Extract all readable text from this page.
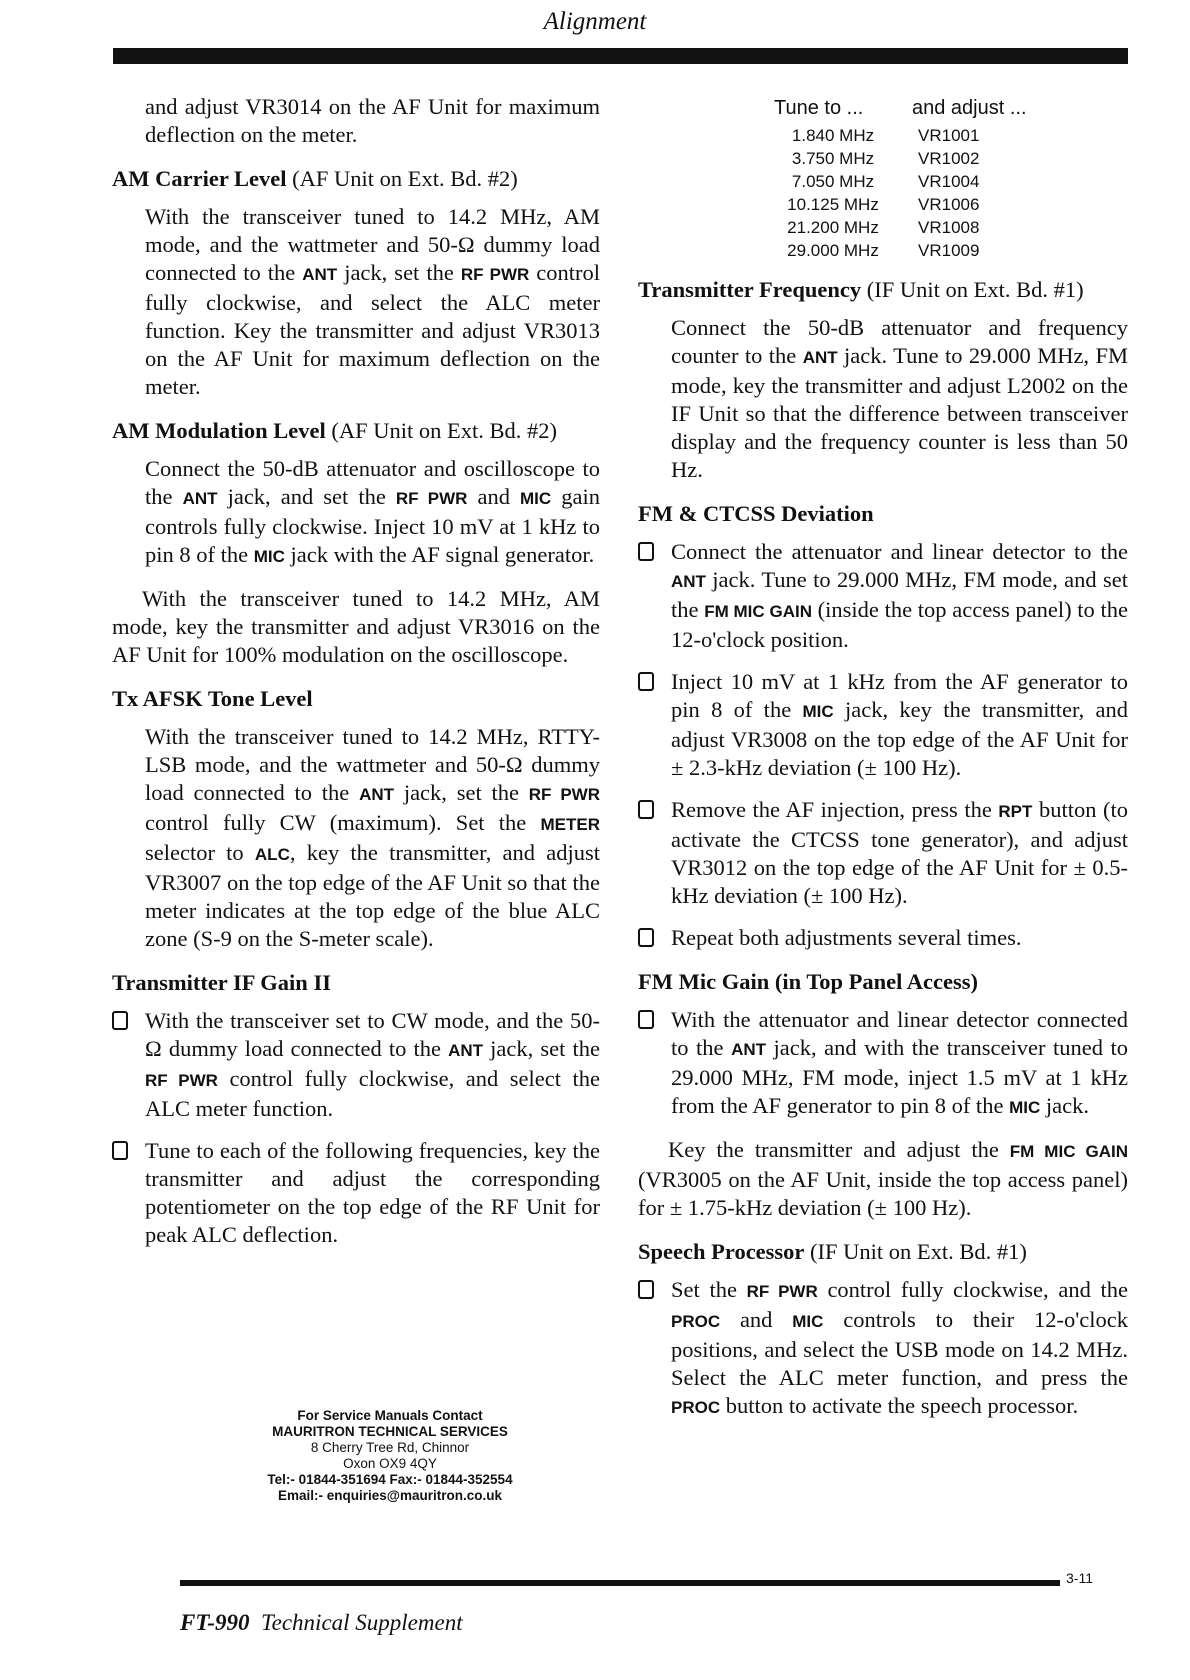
Alignment

and adjust VR3014 on the AF Unit for maximum deflection on the meter.

AM Carrier Level (AF Unit on Ext. Bd. #2)

With the transceiver tuned to 14.2 MHz, AM mode, and the wattmeter and 50-Ω dummy load connected to the ANT jack, set the RF PWR control fully clockwise, and select the ALC meter function. Key the transmitter and adjust VR3013 on the AF Unit for maximum deflection on the meter.

AM Modulation Level (AF Unit on Ext. Bd. #2)

Connect the 50-dB attenuator and oscilloscope to the ANT jack, and set the RF PWR and MIC gain controls fully clockwise. Inject 10 mV at 1 kHz to pin 8 of the MIC jack with the AF signal generator.

With the transceiver tuned to 14.2 MHz, AM mode, key the transmitter and adjust VR3016 on the AF Unit for 100% modulation on the oscilloscope.

Tx AFSK Tone Level

With the transceiver tuned to 14.2 MHz, RTTY-LSB mode, and the wattmeter and 50-Ω dummy load connected to the ANT jack, set the RF PWR control fully CW (maximum). Set the METER selector to ALC, key the transmitter, and adjust VR3007 on the top edge of the AF Unit so that the meter indicates at the top edge of the blue ALC zone (S-9 on the S-meter scale).

Transmitter IF Gain II
With the transceiver set to CW mode, and the 50-Ω dummy load connected to the ANT jack, set the RF PWR control fully clockwise, and select the ALC meter function.
Tune to each of the following frequencies, key the transmitter and adjust the corresponding potentiometer on the top edge of the RF Unit for peak ALC deflection.
For Service Manuals Contact
MAURITRON TECHNICAL SERVICES
8 Cherry Tree Rd, Chinnor
Oxon OX9 4QY
Tel:- 01844-351694 Fax:- 01844-352554
Email:- enquiries@mauritron.co.uk
Tune to ...	and adjust ...
1.840 MHz	VR1001
3.750 MHz	VR1002
7.050 MHz	VR1004
10.125 MHz	VR1006
21.200 MHz	VR1008
29.000 MHz	VR1009
Transmitter Frequency (IF Unit on Ext. Bd. #1)

Connect the 50-dB attenuator and frequency counter to the ANT jack. Tune to 29.000 MHz, FM mode, key the transmitter and adjust L2002 on the IF Unit so that the difference between transceiver display and the frequency counter is less than 50 Hz.

FM & CTCSS Deviation
Connect the attenuator and linear detector to the ANT jack. Tune to 29.000 MHz, FM mode, and set the FM MIC GAIN (inside the top access panel) to the 12-o'clock position.
Inject 10 mV at 1 kHz from the AF generator to pin 8 of the MIC jack, key the transmitter, and adjust VR3008 on the top edge of the AF Unit for ± 2.3-kHz deviation (± 100 Hz).
Remove the AF injection, press the RPT button (to activate the CTCSS tone generator), and adjust VR3012 on the top edge of the AF Unit for ± 0.5-kHz deviation (± 100 Hz).
Repeat both adjustments several times.
FM Mic Gain (in Top Panel Access)
With the attenuator and linear detector connected to the ANT jack, and with the transceiver tuned to 29.000 MHz, FM mode, inject 1.5 mV at 1 kHz from the AF generator to pin 8 of the MIC jack.

Key the transmitter and adjust the FM MIC GAIN (VR3005 on the AF Unit, inside the top access panel) for ± 1.75-kHz deviation (± 100 Hz).

Speech Processor (IF Unit on Ext. Bd. #1)
Set the RF PWR control fully clockwise, and the PROC and MIC controls to their 12-o'clock positions, and select the USB mode on 14.2 MHz. Select the ALC meter function, and press the PROC button to activate the speech processor.
3-11
FT-990 Technical Supplement
